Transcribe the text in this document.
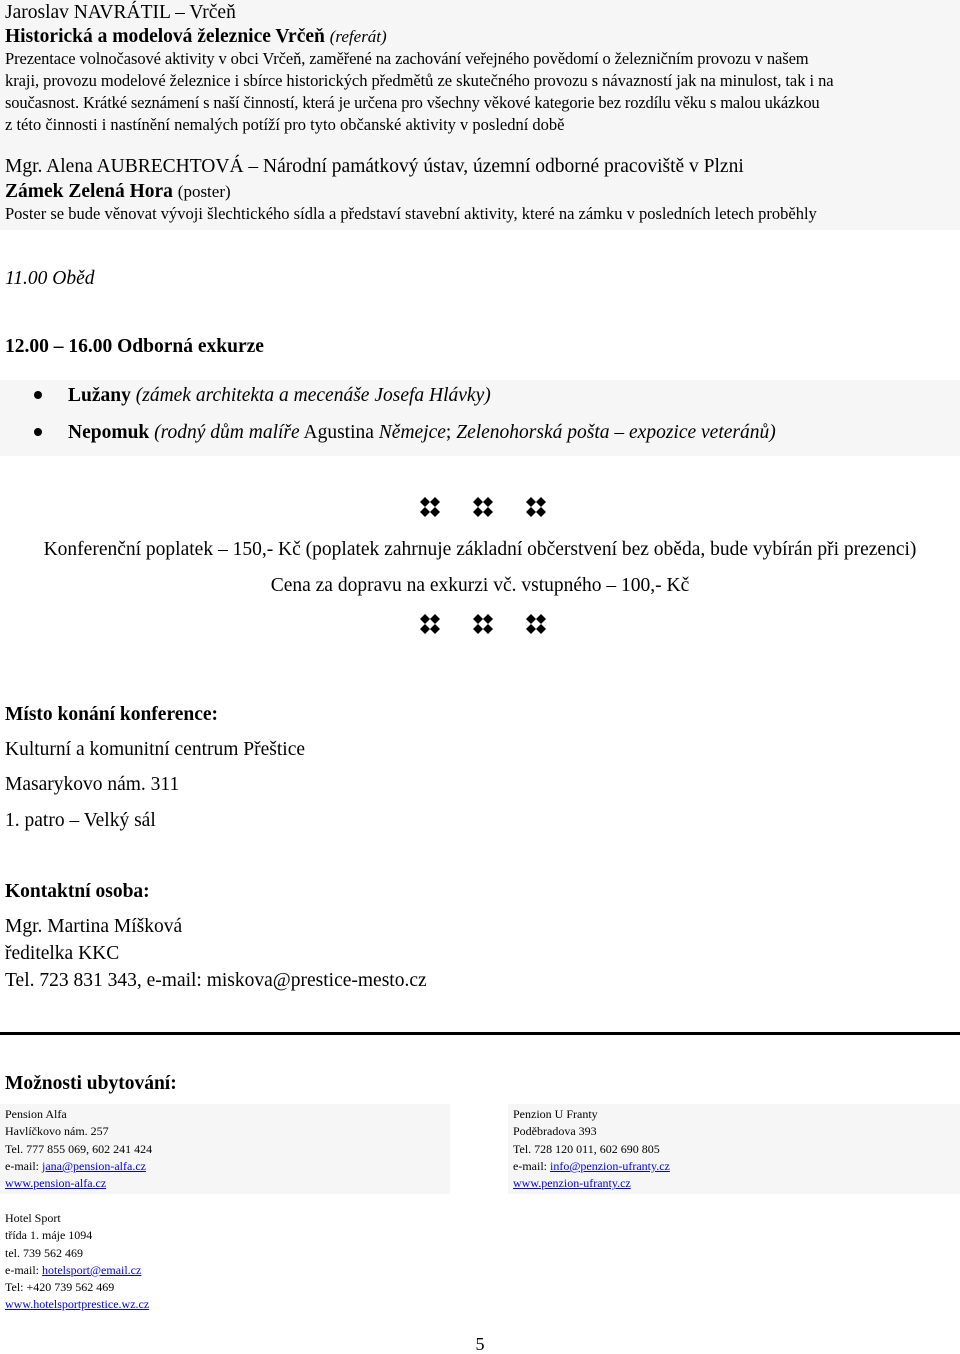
Jaroslav NAVRÁTIL – Vrčeň
Historická a modelová železnice Vrčeň (referát)
Prezentace volnočasové aktivity v obci Vrčeň, zaměřené na zachování veřejného povědomí o železničním provozu v našem
kraji, provozu modelové železnice i sbírce historických předmětů ze skutečného provozu s návazností jak na minulost, tak i na
současnost. Krátké seznámení s naší činností, která je určena pro všechny věkové kategorie bez rozdílu věku s malou ukázkou
z této činnosti i nastínění nemalých potíží pro tyto občanské aktivity v poslední době
Mgr. Alena AUBRECHTOVÁ – Národní památkový ústav, územní odborné pracoviště v Plzni
Zámek Zelená Hora (poster)
Poster se bude věnovat vývoji šlechtického sídla a představí stavební aktivity, které na zámku v posledních letech proběhly
11.00 Oběd
12.00 – 16.00 Odborná exkurze
Lužany (zámek architekta a mecenáše Josefa Hlávky)
Nepomuk (rodný dům malíře Agustina Němejce; Zelenohorská pošta – expozice veteránů)
Konferenční poplatek – 150,- Kč (poplatek zahrnuje základní občerstvení bez oběda, bude vybírán při prezenci)
Cena za dopravu na exkurzi vč. vstupného – 100,- Kč
Místo konání konference:
Kulturní a komunitní centrum Přeštice
Masarykovo nám. 311
1. patro – Velký sál
Kontaktní osoba:
Mgr. Martina Míšková
ředitelka KKC
Tel. 723 831 343, e-mail: miskova@prestice-mesto.cz
Možnosti ubytování:
Pension Alfa
Havlíčkovo nám. 257
Tel. 777 855 069, 602 241 424
e-mail: jana@pension-alfa.cz
www.pension-alfa.cz
Penzion U Franty
Poděbradova 393
Tel. 728 120 011, 602 690 805
e-mail: info@penzion-ufranty.cz
www.penzion-ufranty.cz
Hotel Sport
třída 1. máje 1094
tel. 739 562 469
e-mail: hotelsport@email.cz
Tel: +420 739 562 469
www.hotelsportprestice.wz.cz
5
